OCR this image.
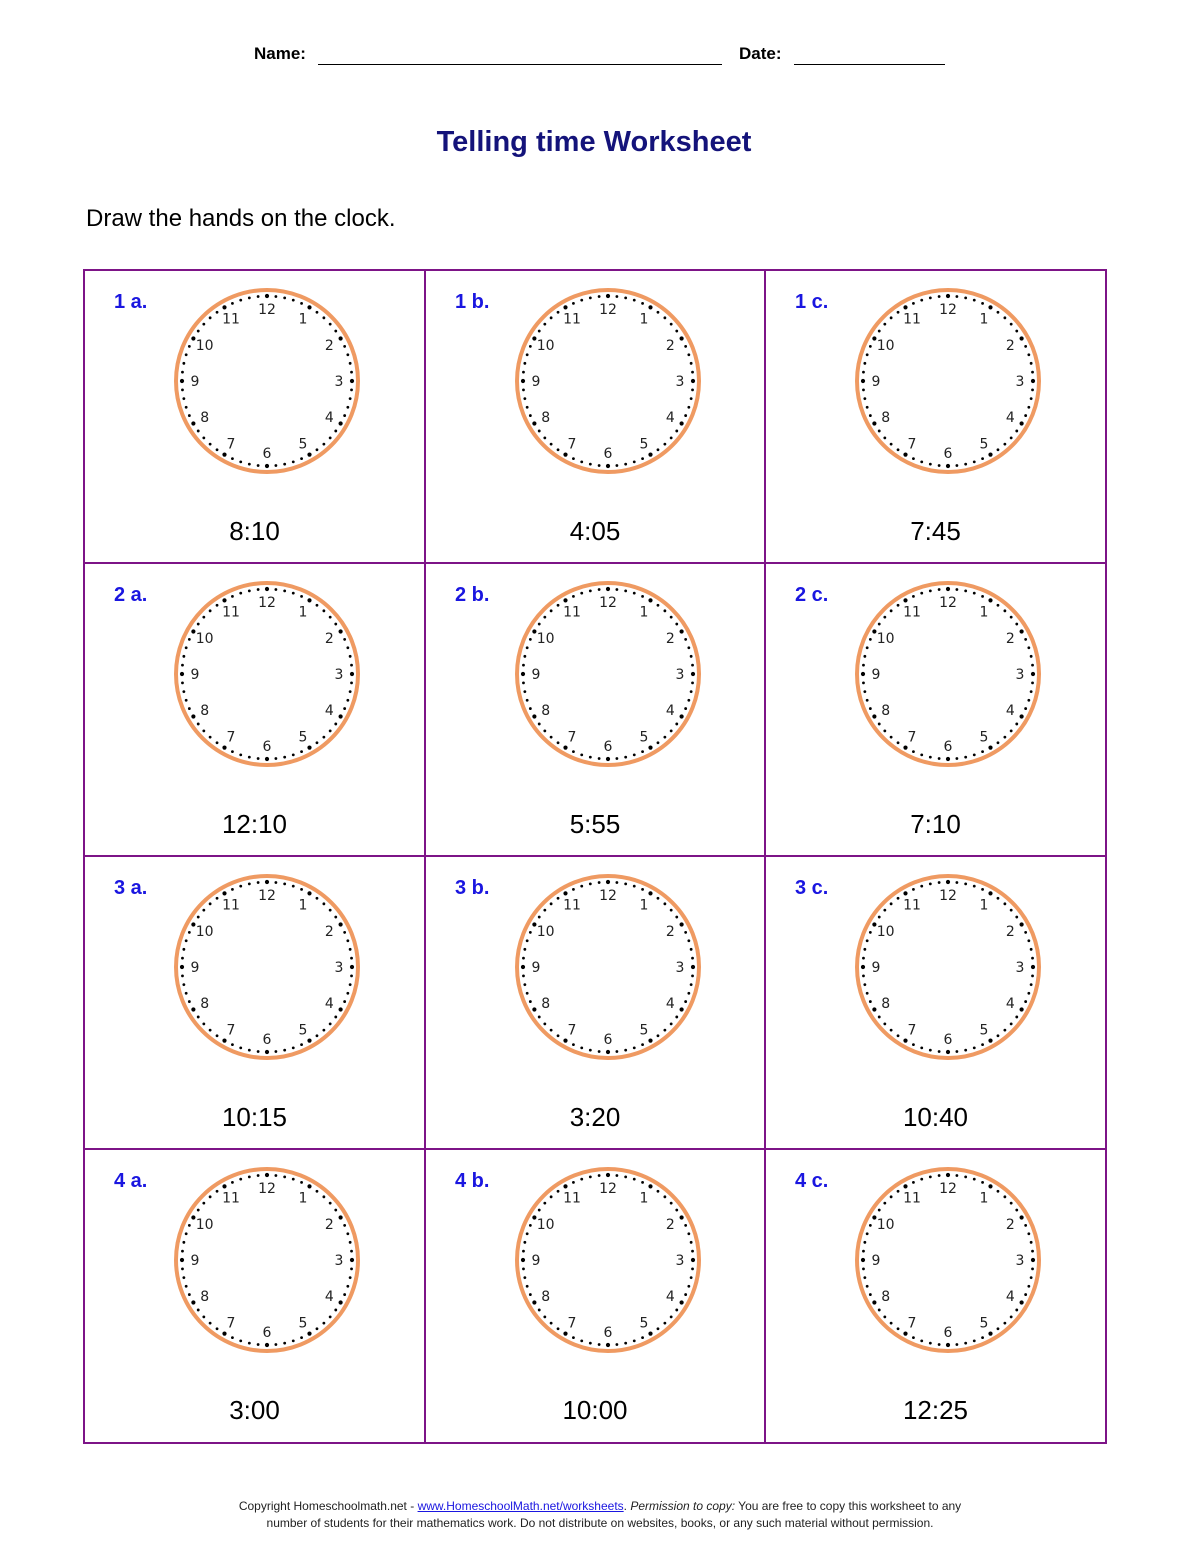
Name:	Date:
Telling time Worksheet
Draw the hands on the clock.
1 a.	12
1
2
3
4
5
6
7
8
9
10
11
8:10
1 b.	12
1
2
3
4
5
6
7
8
9
10
11
4:05
1 c.	12
1
2
3
4
5
6
7
8
9
10
11
7:45
2 a.	12
1
2
3
4
5
6
7
8
9
10
11
12:10
2 b.	12
1
2
3
4
5
6
7
8
9
10
11
5:55
2 c.	12
1
2
3
4
5
6
7
8
9
10
11
7:10
3 a.	12
1
2
3
4
5
6
7
8
9
10
11
10:15
3 b.	12
1
2
3
4
5
6
7
8
9
10
11
3:20
3 c.	12
1
2
3
4
5
6
7
8
9
10
11
10:40
4 a.	12
1
2
3
4
5
6
7
8
9
10
11
3:00
4 b.	12
1
2
3
4
5
6
7
8
9
10
11
10:00
4 c.	12
1
2
3
4
5
6
7
8
9
10
11
12:25
Copyright Homeschoolmath.net - www.HomeschoolMath.net/worksheets. Permission to copy: You are free to copy this worksheet to any
number of students for their mathematics work. Do not distribute on websites, books, or any such material without permission.
